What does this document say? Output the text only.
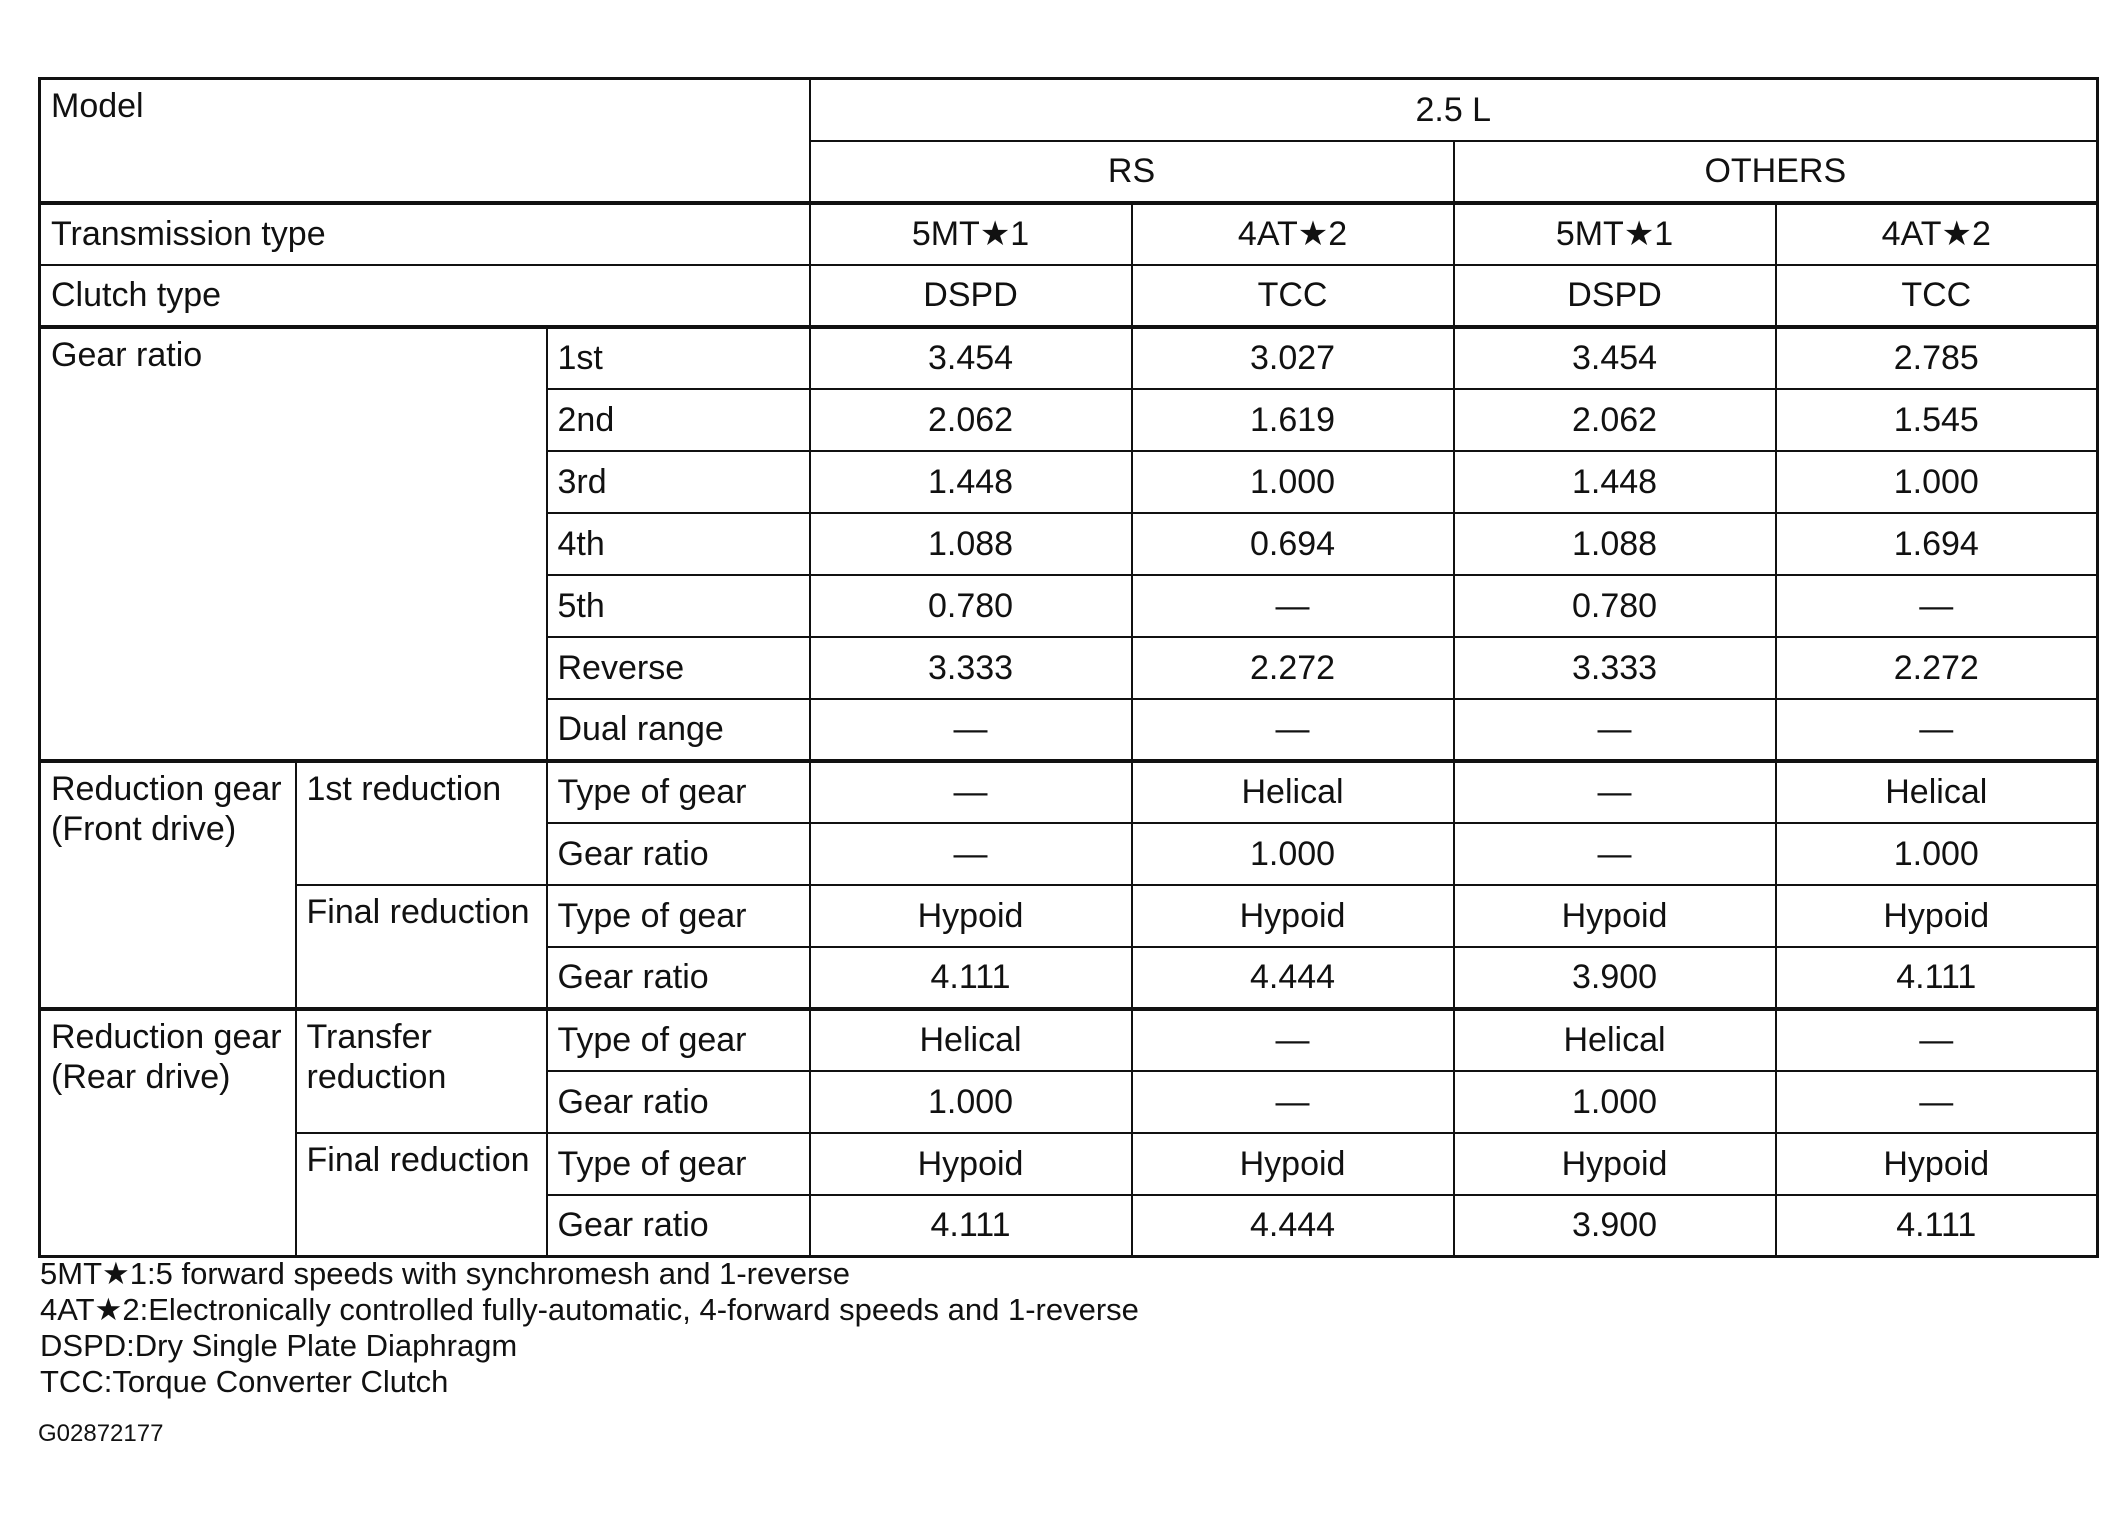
Model			2.5 L			
			RS		OTHERS	
Transmission type			5MT★1	4AT★2	5MT★1	4AT★2
Clutch type			DSPD	TCC	DSPD	TCC
Gear ratio		1st	3.454	3.027	3.454	2.785
		2nd	2.062	1.619	2.062	1.545
		3rd	1.448	1.000	1.448	1.000
		4th	1.088	0.694	1.088	1.694
		5th	0.780	—	0.780	—
		Reverse	3.333	2.272	3.333	2.272
		Dual range	—	—	—	—
Reduction gear (Front drive)	1st reduction	Type of gear	—	Helical	—	Helical
		Gear ratio	—	1.000	—	1.000
	Final reduction	Type of gear	Hypoid	Hypoid	Hypoid	Hypoid
		Gear ratio	4.111	4.444	3.900	4.111
Reduction gear (Rear drive)	Transfer reduction	Type of gear	Helical	—	Helical	—
		Gear ratio	1.000	—	1.000	—
	Final reduction	Type of gear	Hypoid	Hypoid	Hypoid	Hypoid
		Gear ratio	4.111	4.444	3.900	4.111
5MT★1:5 forward speeds with synchromesh and 1-reverse
4AT★2:Electronically controlled fully-automatic, 4-forward speeds and 1-reverse
DSPD:Dry Single Plate Diaphragm
TCC:Torque Converter Clutch
G02872177
